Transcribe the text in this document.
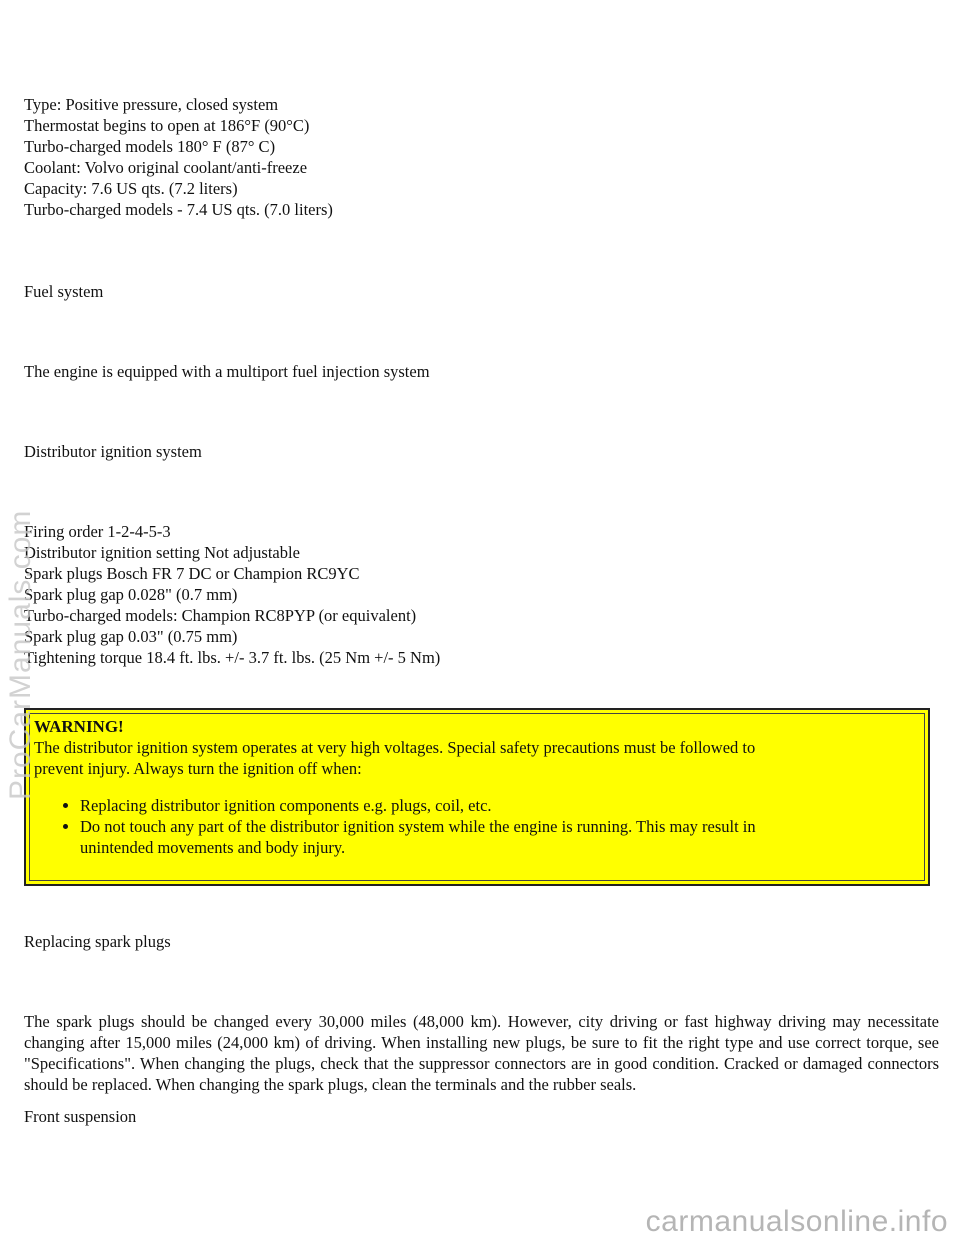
Type: Positive pressure, closed system
Thermostat begins to open at 186°F (90°C)
Turbo-charged models 180° F (87° C)
Coolant: Volvo original coolant/anti-freeze
Capacity: 7.6 US qts. (7.2 liters)
Turbo-charged models - 7.4 US qts. (7.0 liters)
Fuel system
The engine is equipped with a multiport fuel injection system
Distributor ignition system
Firing order 1-2-4-5-3
Distributor ignition setting Not adjustable
Spark plugs Bosch FR 7 DC or Champion RC9YC
Spark plug gap 0.028" (0.7 mm)
Turbo-charged models: Champion RC8PYP (or equivalent)
Spark plug gap 0.03" (0.75 mm)
Tightening torque 18.4 ft. lbs. +/- 3.7 ft. lbs. (25 Nm +/- 5 Nm)
WARNING!
The distributor ignition system operates at very high voltages. Special safety precautions must be followed to
prevent injury. Always turn the ignition off when:
• Replacing distributor ignition components e.g. plugs, coil, etc.
• Do not touch any part of the distributor ignition system while the engine is running. This may result in
unintended movements and body injury.
Replacing spark plugs
The spark plugs should be changed every 30,000 miles (48,000 km). However, city driving or fast highway driving may necessitate changing after 15,000 miles (24,000 km) of driving. When installing new plugs, be sure to fit the right type and use correct torque, see "Specifications". When changing the plugs, check that the suppressor connectors are in good condition. Cracked or damaged connectors should be replaced. When changing the spark plugs, clean the terminals and the rubber seals.
Front suspension
ProCarManuals.com
carmanualsonline.info
